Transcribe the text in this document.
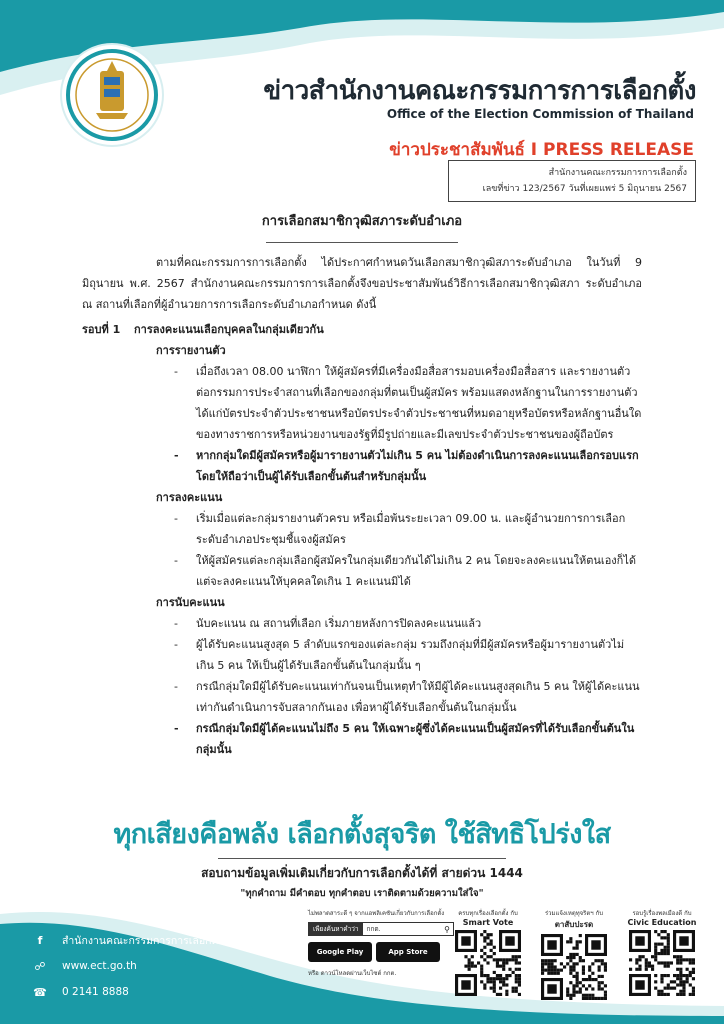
ข่าวสำนักงานคณะกรรมการการเลือกตั้ง
Office of the Election Commission of Thailand
ข่าวประชาสัมพันธ์ I PRESS RELEASE
สำนักงานคณะกรรมการการเลือกตั้ง
เลขที่ข่าว 123/2567 วันที่เผยแพร่ 5 มิถุนายน 2567
การเลือกสมาชิกวุฒิสภาระดับอำเภอ

ตามที่คณะกรรมการการเลือกตั้ง ได้ประกาศกำหนดวันเลือกสมาชิกวุฒิสภาระดับอำเภอ ในวันที่ 9 มิถุนายน พ.ศ. 2567 สำนักงานคณะกรรมการการเลือกตั้งจึงขอประชาสัมพันธ์วิธีการเลือกสมาชิกวุฒิสภา ระดับอำเภอ ณ สถานที่เลือกที่ผู้อำนวยการการเลือกระดับอำเภอกำหนด ดังนี้

รอบที่ 1 การลงคะแนนเลือกบุคคลในกลุ่มเดียวกัน
การรายงานตัว
- เมื่อถึงเวลา 08.00 นาฬิกา ให้ผู้สมัครที่มีเครื่องมือสื่อสารมอบเครื่องมือสื่อสาร และรายงานตัวต่อกรรมการประจำสถานที่เลือกของกลุ่มที่ตนเป็นผู้สมัคร พร้อมแสดงหลักฐานในการรายงานตัว ได้แก่บัตรประจำตัวประชาชนหรือบัตรประจำตัวประชาชนที่หมดอายุหรือบัตรหรือหลักฐานอื่นใดของทางราชการหรือหน่วยงานของรัฐที่มีรูปถ่ายและมีเลขประจำตัวประชาชนของผู้ถือบัตร
- หากกลุ่มใดมีผู้สมัครหรือผู้มารายงานตัวไม่เกิน 5 คน ไม่ต้องดำเนินการลงคะแนนเลือกรอบแรก โดยให้ถือว่าเป็นผู้ได้รับเลือกขั้นต้นสำหรับกลุ่มนั้น
การลงคะแนน
- เริ่มเมื่อแต่ละกลุ่มรายงานตัวครบ หรือเมื่อพ้นระยะเวลา 09.00 น. และผู้อำนวยการการเลือกระดับอำเภอประชุมชี้แจงผู้สมัคร
- ให้ผู้สมัครแต่ละกลุ่มเลือกผู้สมัครในกลุ่มเดียวกันได้ไม่เกิน 2 คน โดยจะลงคะแนนให้ตนเองก็ได้ แต่จะลงคะแนนให้บุคคลใดเกิน 1 คะแนนมิได้
การนับคะแนน
- นับคะแนน ณ สถานที่เลือก เริ่มภายหลังการปิดลงคะแนนแล้ว
- ผู้ได้รับคะแนนสูงสุด 5 ลำดับแรกของแต่ละกลุ่ม รวมถึงกลุ่มที่มีผู้สมัครหรือผู้มารายงานตัวไม่เกิน 5 คน ให้เป็นผู้ได้รับเลือกขั้นต้นในกลุ่มนั้น ๆ
- กรณีกลุ่มใดมีผู้ได้รับคะแนนเท่ากันจนเป็นเหตุทำให้มีผู้ได้คะแนนสูงสุดเกิน 5 คน ให้ผู้ได้คะแนนเท่ากันดำเนินการจับสลากกันเอง เพื่อหาผู้ได้รับเลือกขั้นต้นในกลุ่มนั้น
- กรณีกลุ่มใดมีผู้ได้คะแนนไม่ถึง 5 คน ให้เฉพาะผู้ซึ่งได้คะแนนเป็นผู้สมัครที่ได้รับเลือกขั้นต้นในกลุ่มนั้น
ทุกเสียงคือพลัง เลือกตั้งสุจริต ใช้สิทธิโปร่งใส
สอบถามข้อมูลเพิ่มเติมเกี่ยวกับการเลือกตั้งได้ที่ สายด่วน 1444
"ทุกคำถาม มีคำตอบ ทุกคำตอบ เราติดตามด้วยความใส่ใจ"
f	สำนักงานคณะกรรมการการเลือกตั้ง
☍	www.ect.go.th
☎	0 2141 8888
ไม่พลาดสาระดี ๆ จากแอพลิเคชันเกี่ยวกับการเลือกตั้ง
เพียงค้นหาคำว่า	กกต.	⚲
Google Play	App Store
หรือ ดาวน์โหลดผ่านเว็บไซต์ กกต.
ครบทุกเรื่องเลือกตั้ง กับ
Smart Vote
ร่วมแจ้งเหตุทุจริตฯ กับ
ตาสับปะรด
รอบรู้เรื่องพลเมืองดี กับ
Civic Education
